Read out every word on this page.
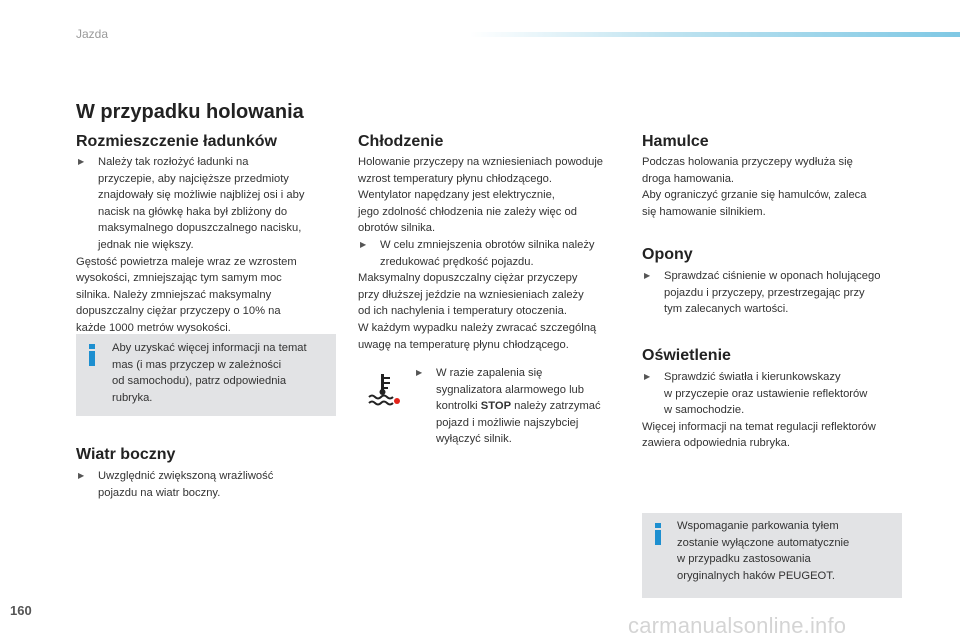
Jazda
W przypadku holowania
Rozmieszczenie ładunków
▶ Należy tak rozłożyć ładunki na
przyczepie, aby najcięższe przedmioty
znajdowały się możliwie najbliżej osi i aby
nacisk na główkę haka był zbliżony do
maksymalnego dopuszczalnego nacisku,
jednak nie większy.

Gęstość powietrza maleje wraz ze wzrostem

wysokości, zmniejszając tym samym moc

silnika. Należy zmniejszać maksymalny

dopuszczalny ciężar przyczepy o 10% na

każde 1000 metrów wysokości.

Aby uzyskać więcej informacji na temat

mas (i mas przyczep w zależności

od samochodu), patrz odpowiednia

rubryka.

Wiatr boczny
▶ Uwzględnić zwiększoną wrażliwość
pojazdu na wiatr boczny.
Chłodzenie

Holowanie przyczepy na wzniesieniach powoduje

wzrost temperatury płynu chłodzącego.

Wentylator napędzany jest elektrycznie,

jego zdolność chłodzenia nie zależy więc od

obrotów silnika.

▶ W celu zmniejszenia obrotów silnika należy
zredukować prędkość pojazdu.

Maksymalny dopuszczalny ciężar przyczepy

przy dłuższej jeździe na wzniesieniach zależy

od ich nachylenia i temperatury otoczenia.

W każdym wypadku należy zwracać szczególną

uwagę na temperaturę płynu chłodzącego.

▶ W razie zapalenia się
sygnalizatora alarmowego lub
kontrolki STOP należy zatrzymać
pojazd i możliwie najszybciej
wyłączyć silnik.
Hamulce

Podczas holowania przyczepy wydłuża się

droga hamowania.

Aby ograniczyć grzanie się hamulców, zaleca

się hamowanie silnikiem.

Opony
▶ Sprawdzać ciśnienie w oponach holującego
pojazdu i przyczepy, przestrzegając przy
tym zalecanych wartości.
Oświetlenie
▶ Sprawdzić światła i kierunkowskazy
w przyczepie oraz ustawienie reflektorów
w samochodzie.

Więcej informacji na temat regulacji reflektorów

zawiera odpowiednia rubryka.

Wspomaganie parkowania tyłem

zostanie wyłączone automatycznie

w przypadku zastosowania

oryginalnych haków PEUGEOT.

160
carmanualsonline.info
